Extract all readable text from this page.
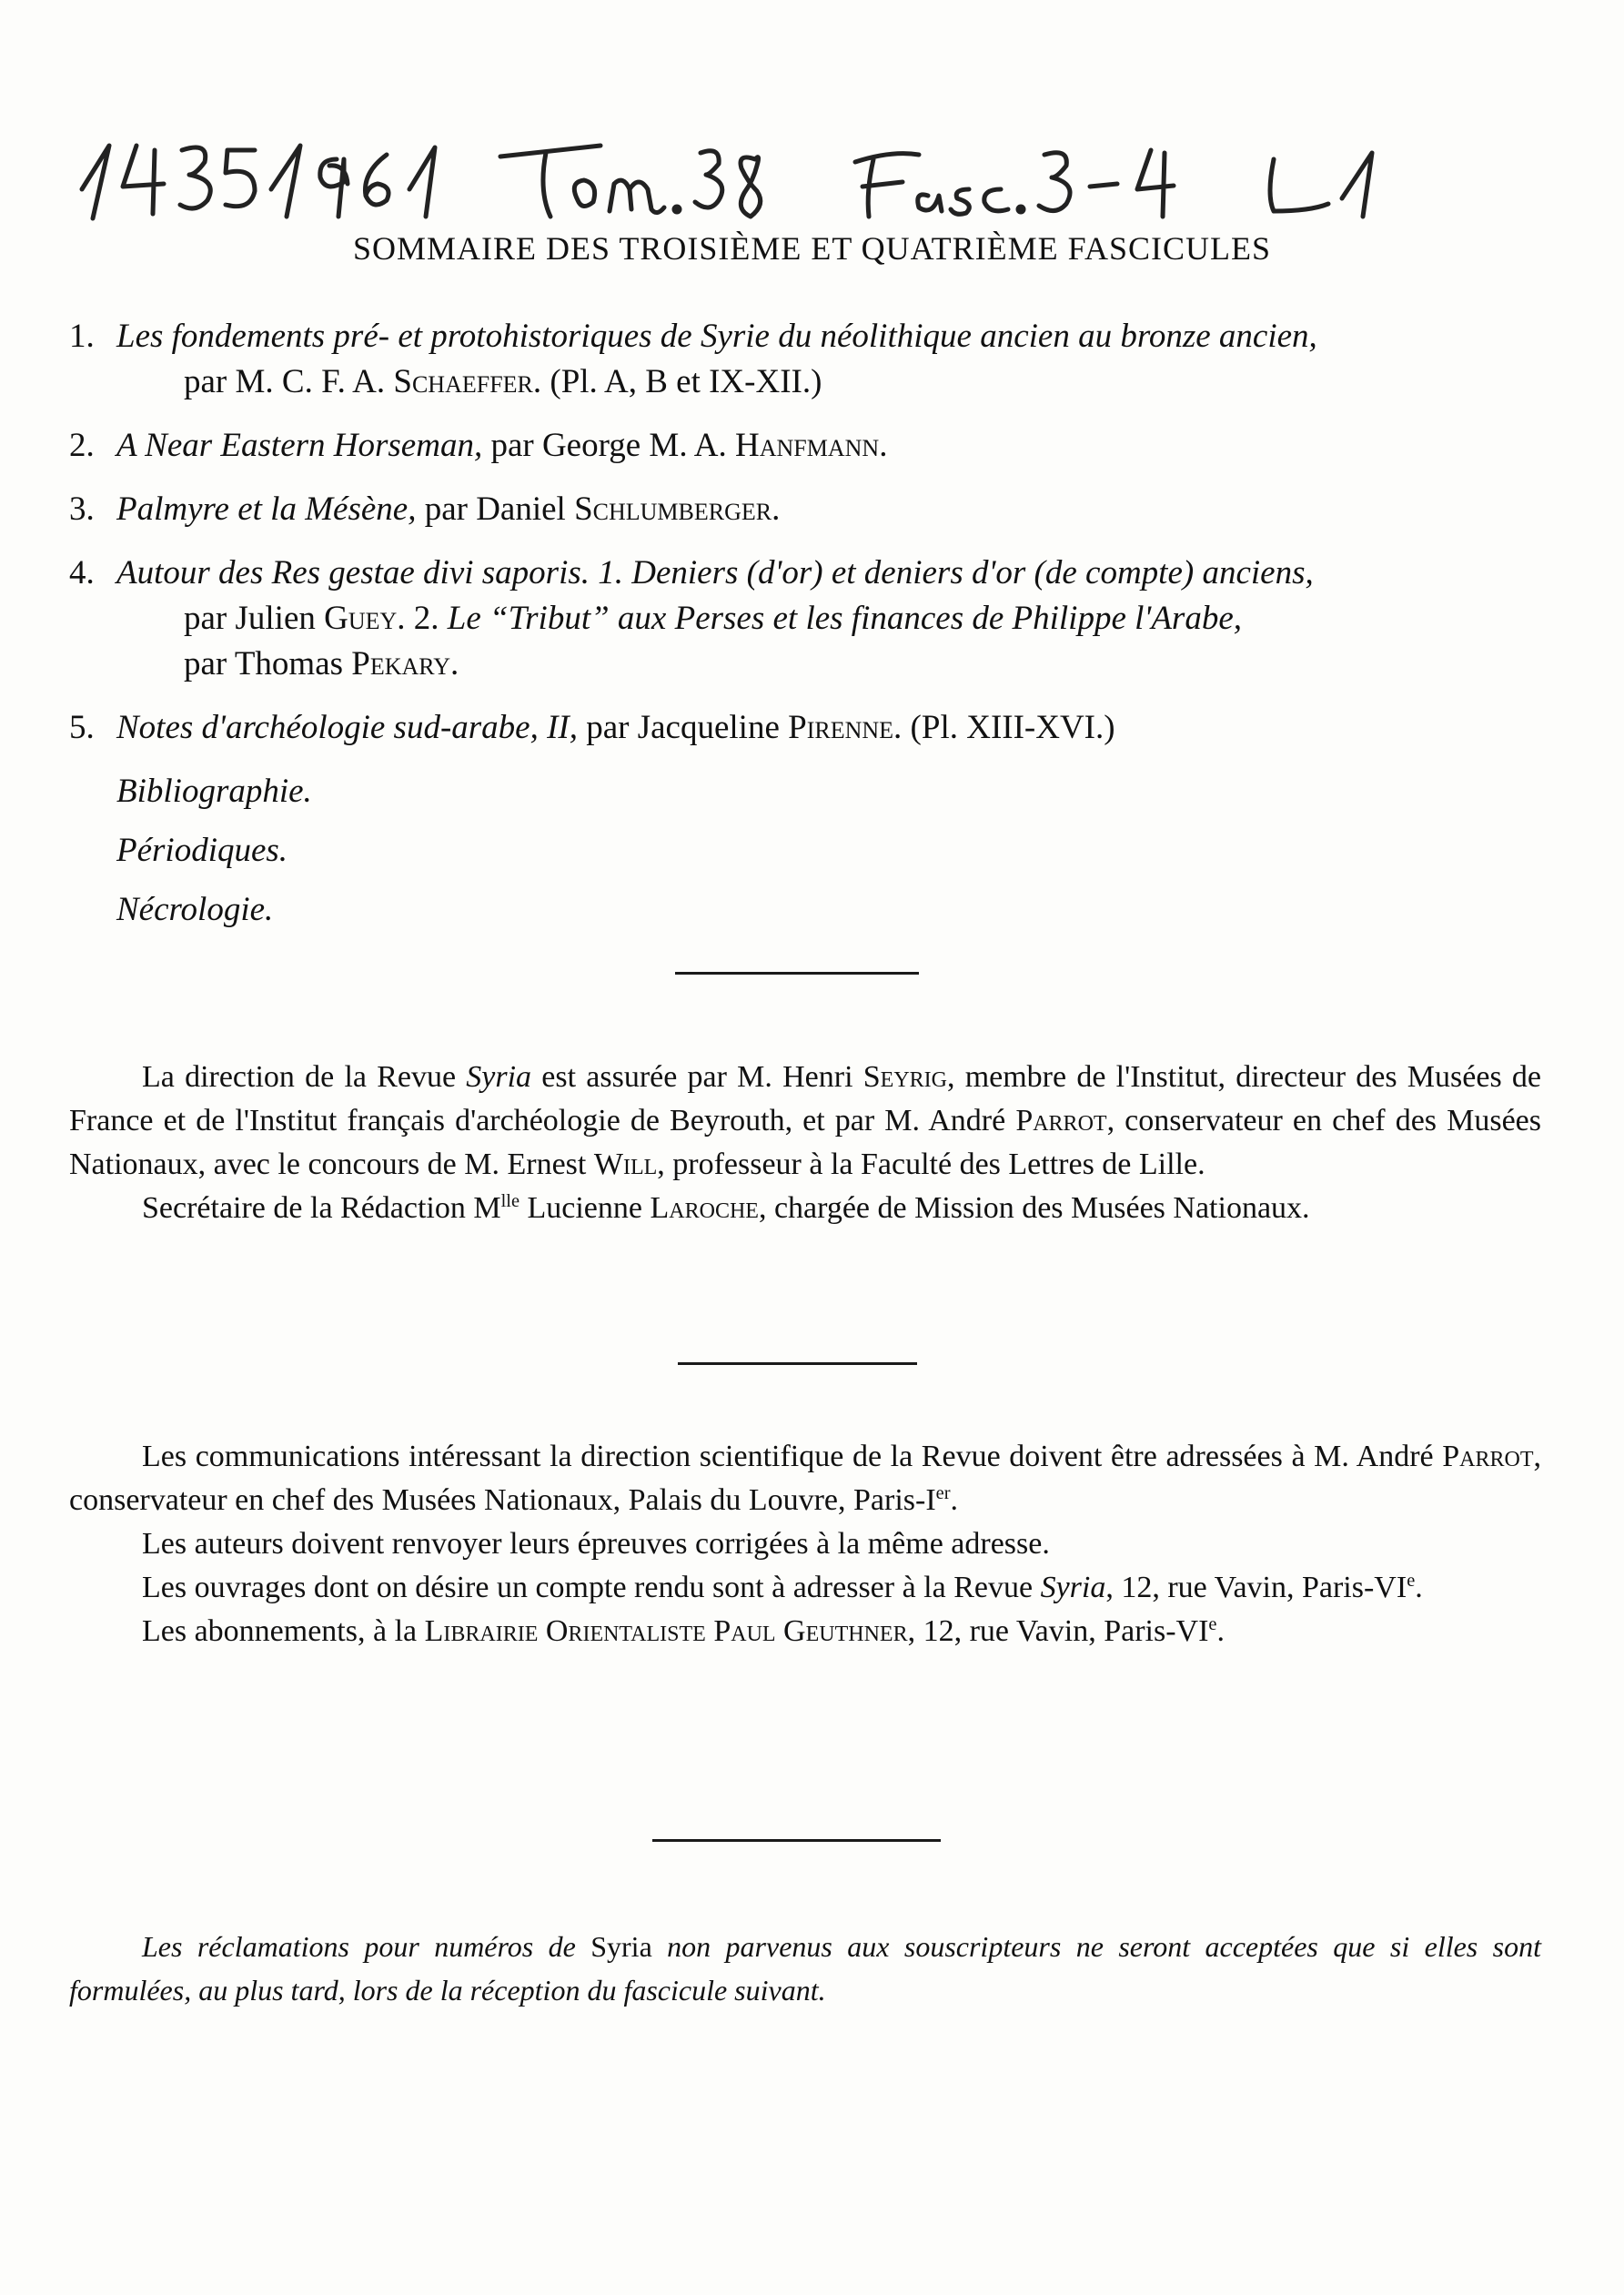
SOMMAIRE DES TROISIÈME ET QUATRIÈME FASCICULES
1. Les fondements pré- et protohistoriques de Syrie du néolithique ancien au bronze ancien,

par M. C. F. A. Schaeffer. (Pl. A, B et IX-XII.)

2. A Near Eastern Horseman, par George M. A. Hanfmann.

3. Palmyre et la Mésène, par Daniel Schlumberger.

4. Autour des Res gestae divi saporis. 1. Deniers (d'or) et deniers d'or (de compte) anciens,

par Julien Guey. 2. Le “Tribut” aux Perses et les finances de Philippe l'Arabe,

par Thomas Pekary.

5. Notes d'archéologie sud-arabe, II, par Jacqueline Pirenne. (Pl. XIII-XVI.)

Bibliographie.
Périodiques.
Nécrologie.

La direction de la Revue Syria est assurée par M. Henri Seyrig, membre de l'Institut, directeur des Musées de France et de l'Institut français d'archéologie de Beyrouth, et par M. André Parrot, conservateur en chef des Musées Nationaux, avec le concours de M. Ernest Will, professeur à la Faculté des Lettres de Lille.

Secrétaire de la Rédaction $M^{lle}$ Lucienne Laroche, chargée de Mission des Musées Nationaux.

Les communications intéressant la direction scientifique de la Revue doivent être adressées à M. André Parrot, conservateur en chef des Musées Nationaux, Palais du Louvre, Paris-Ier.

Les auteurs doivent renvoyer leurs épreuves corrigées à la même adresse.

Les ouvrages dont on désire un compte rendu sont à adresser à la Revue Syria, 12, rue Vavin, Paris-VIe.

Les abonnements, à la Librairie Orientaliste Paul Geuthner, 12, rue Vavin, Paris-VIe.

Les réclamations pour numéros de Syria non parvenus aux souscripteurs ne seront acceptées que si elles sont formulées, au plus tard, lors de la réception du fascicule suivant.
